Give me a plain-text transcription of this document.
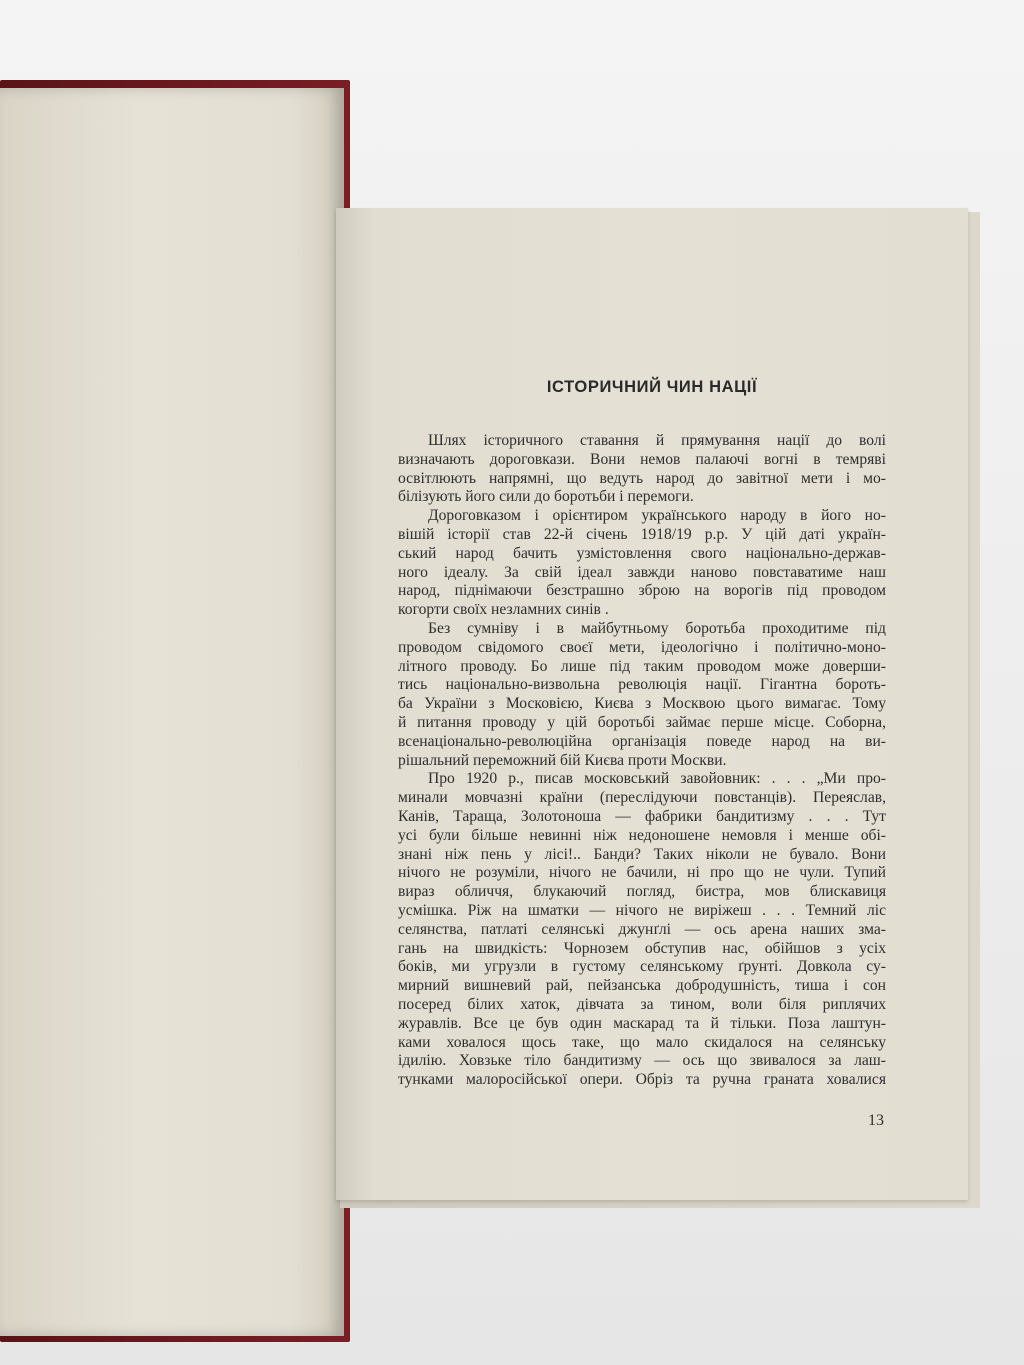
ІСТОРИЧНИЙ ЧИН НАЦІЇ
Шлях історичного ставання й прямування нації до волі
визначають дороговкази. Вони немов палаючі вогні в темряві
освітлюють напрямні, що ведуть народ до завітної мети і мо-
білізують його сили до боротьби і перемоги.
Дороговказом і орієнтиром українського народу в його но-
вішій історії став 22-й січень 1918/19 р.р. У цій даті україн-
ський народ бачить узмістовлення свого національно-держав-
ного ідеалу. За свій ідеал завжди наново повставатиме наш
народ, піднімаючи безстрашно зброю на ворогів під проводом
когорти своїх незламних синів .
Без сумніву і в майбутньому боротьба проходитиме під
проводом свідомого своєї мети, ідеологічно і політично-моно-
літного проводу. Бо лише під таким проводом може доверши-
тись національно-визвольна революція нації. Гігантна борoть-
ба України з Московією, Києва з Москвою цього вимагає. Тому
й питання проводу у цій боротьбі займає перше місце. Соборна,
всенаціонально-революційна організація поведе народ на ви-
рішальний переможний бій Києва проти Москви.
Про 1920 р., писав московський завойовник: . . . „Ми про-
минали мовчазні країни (переслідуючи повстанців). Переяслав,
Канів, Тараща, Золотоноша — фабрики бандитизму . . . Тут
усі були більше невинні ніж недоношене немовля і менше обі-
знані ніж пень у лісі!.. Банди? Таких ніколи не бувало. Вони
нічого не розуміли, нічого не бачили, ні про що не чули. Тупий
вираз обличчя, блукаючий погляд, бистра, мов блискавиця
усмішка. Ріж на шматки — нічого не виріжеш . . . Темний ліс
селянства, патлаті селянські джунґлі — ось арена наших зма-
гань на швидкість: Чорнозем обступив нас, обійшов з усіх
боків, ми угрузли в густому селянському ґрунті. Довкола су-
мирний вишневий рай, пейзанська добродушність, тиша і сон
посеред білих хаток, дівчата за тином, воли біля риплячих
журавлів. Все це був один маскарад та й тільки. Поза лаштун-
ками ховалося щось таке, що мало скидалося на селянську
ідилію. Ховзьке тіло бандитизму — ось що звивалося за лаш-
тунками малоросійської опери. Обріз та ручна граната ховалися
13
